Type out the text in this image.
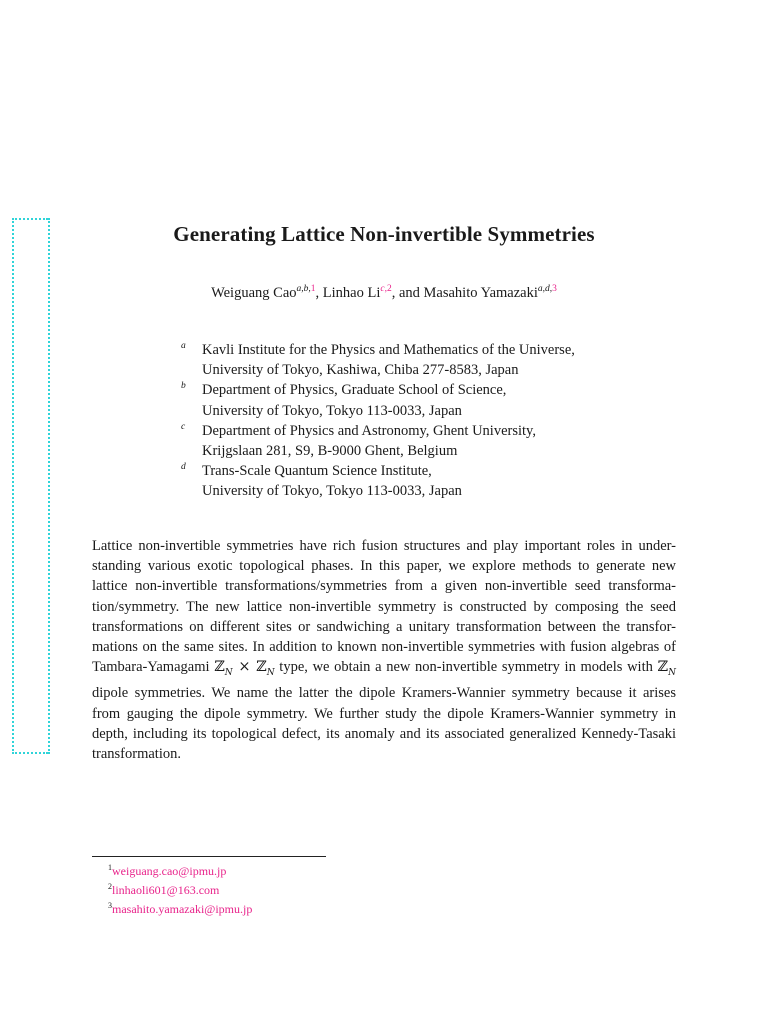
Generating Lattice Non-invertible Symmetries
Weiguang Cao$^{a,b,1}$, Linhao Li$^{c,2}$, and Masahito Yamazaki$^{a,d,3}$
a Kavli Institute for the Physics and Mathematics of the Universe,
University of Tokyo, Kashiwa, Chiba 277-8583, Japan
b Department of Physics, Graduate School of Science,
University of Tokyo, Tokyo 113-0033, Japan
c Department of Physics and Astronomy, Ghent University,
Krijgslaan 281, S9, B-9000 Ghent, Belgium
d Trans-Scale Quantum Science Institute,
University of Tokyo, Tokyo 113-0033, Japan
Lattice non-invertible symmetries have rich fusion structures and play important roles in under-
standing various exotic topological phases. In this paper, we explore methods to generate new
lattice non-invertible transformations/symmetries from a given non-invertible seed transforma-
tion/symmetry. The new lattice non-invertible symmetry is constructed by composing the seed
transformations on different sites or sandwiching a unitary transformation between the transfor-
mations on the same sites. In addition to known non-invertible symmetries with fusion algebras of
Tambara-Yamagami ℤ$_N$ × ℤ$_N$ type, we obtain a new non-invertible symmetry in models with ℤ$_N$
dipole symmetries. We name the latter the dipole Kramers-Wannier symmetry because it arises
from gauging the dipole symmetry. We further study the dipole Kramers-Wannier symmetry in
depth, including its topological defect, its anomaly and its associated generalized Kennedy-Tasaki
transformation.
$^1$weiguang.cao@ipmu.jp
$^2$linhaoli601@163.com
$^3$masahito.yamazaki@ipmu.jp
